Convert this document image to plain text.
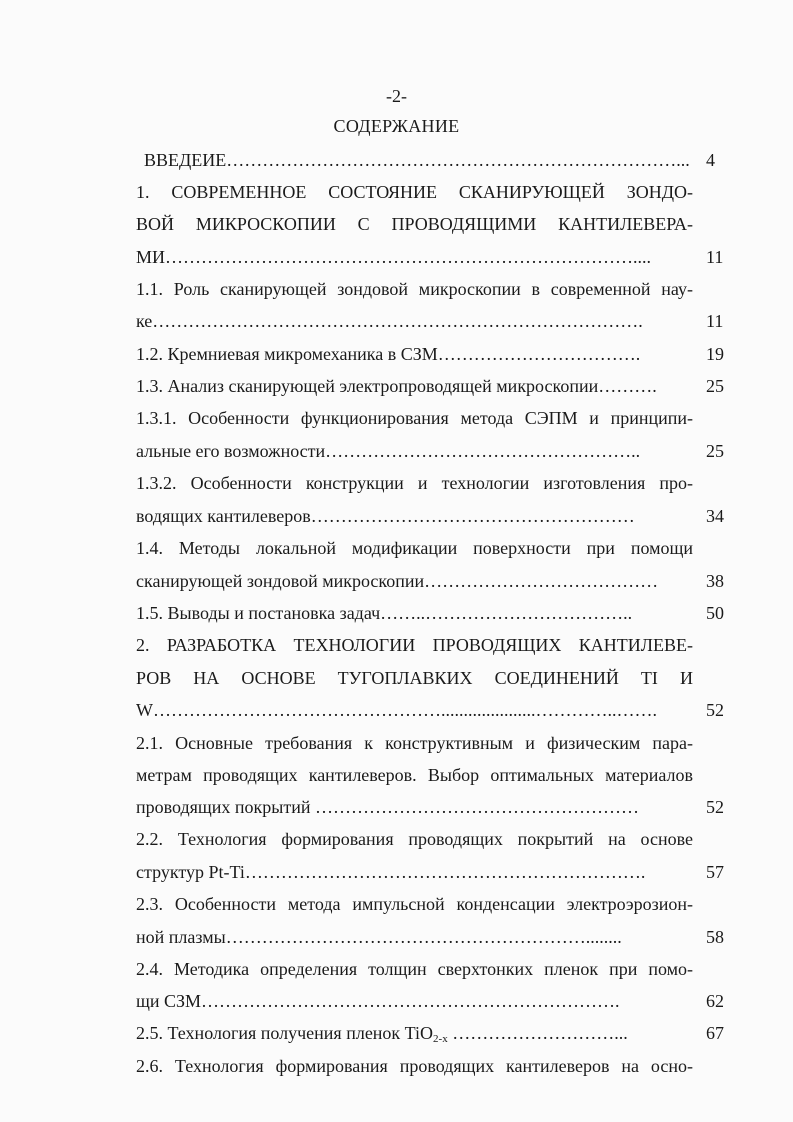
-2-
СОДЕРЖАНИЕ
ВВЕДЕИЕ…………………………………………………………………... 4
1. СОВРЕМЕННОЕ СОСТОЯНИЕ СКАНИРУЮЩЕЙ ЗОНДО-
ВОЙ МИКРОСКОПИИ С ПРОВОДЯЩИМИ КАНТИЛЕВЕРА-
МИ……………………………………………………………………....	11
1.1. Роль сканирующей зондовой микроскопии в современной нау-
ке……………………………………………………………………….	11
1.2. Кремниевая микромеханика в СЗМ…………………………….	19
1.3. Анализ сканирующей электропроводящей микроскопии……….	25
1.3.1. Особенности функционирования метода СЭПМ и принципи-
альные его возможности……………………………………………..	25
1.3.2. Особенности конструкции и технологии изготовления про-
водящих кантилеверов………………………………………………	34
1.4. Методы локальной модификации поверхности при помощи
сканирующей зондовой микроскопии…………………………………	38
1.5. Выводы и постановка задач……..……………………………..	50
2. РАЗРАБОТКА ТЕХНОЛОГИИ ПРОВОДЯЩИХ КАНТИЛЕВЕ-
РОВ НА ОСНОВЕ ТУГОПЛАВКИХ СОЕДИНЕНИЙ TI И
W………………………………………….....................…………..…….	52
2.1. Основные требования к конструктивным и физическим пара-
метрам проводящих кантилеверов. Выбор оптимальных материалов
проводящих покрытий ………………………………………………	52
2.2. Технология формирования проводящих покрытий на основе
структур Pt-Ti………………………………………………………….	57
2.3. Особенности метода импульсной конденсации электроэрозион-
ной плазмы……………………………………………………........	58
2.4. Методика определения толщин сверхтонких пленок при помо-
щи СЗМ…………………………………………………………….	62
2.5. Технология получения пленок TiO$_{2-x}$ ………………………...	67
2.6. Технология формирования проводящих кантилеверов на осно-
